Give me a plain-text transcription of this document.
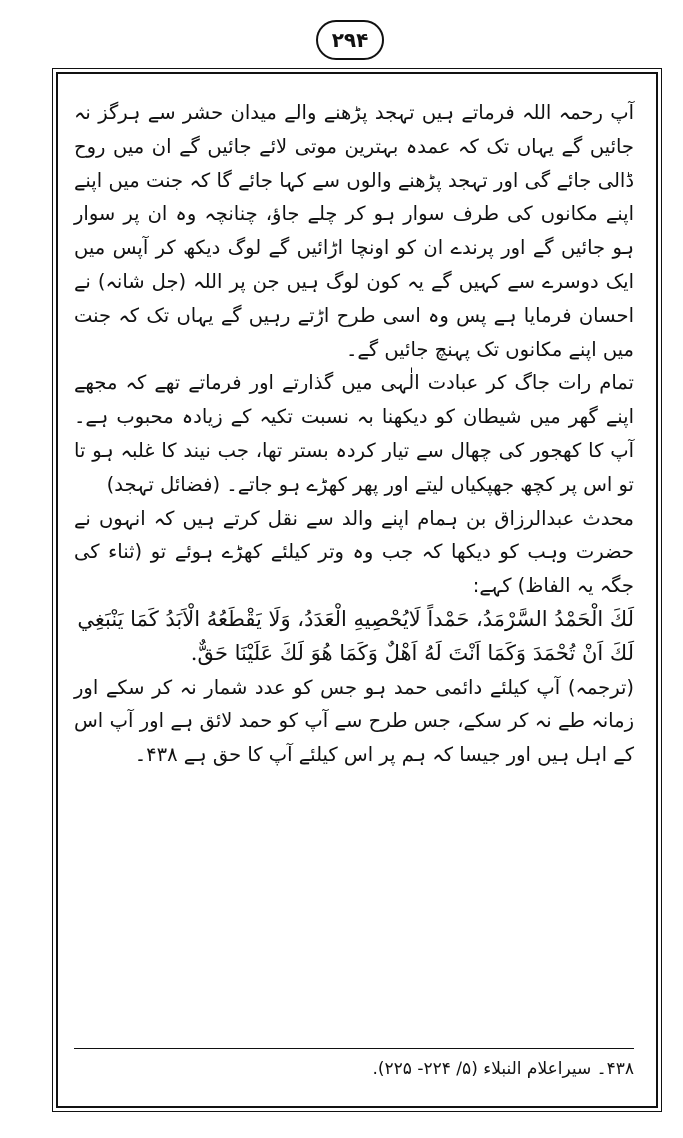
۲۹۴

آپ رحمہ اللہ فرماتے ہیں تہجد پڑھنے والے میدان حشر سے ہرگز نہ جائیں گے یہاں تک کہ عمدہ بہترین موتی لائے جائیں گے ان میں روح ڈالی جائے گی اور تہجد پڑھنے والوں سے کہا جائے گا کہ جنت میں اپنے اپنے مکانوں کی طرف سوار ہو کر چلے جاؤ، چنانچہ وہ ان پر سوار ہو جائیں گے اور پرندے ان کو اونچا اڑائیں گے لوگ دیکھ کر آپس میں ایک دوسرے سے کہیں گے یہ کون لوگ ہیں جن پر اللہ (جل شانہ) نے احسان فرمایا ہے پس وہ اسی طرح اڑتے رہیں گے یہاں تک کہ جنت میں اپنے مکانوں تک پہنچ جائیں گے۔

تمام رات جاگ کر عبادت الٰہی میں گذارتے اور فرماتے تھے کہ مجھے اپنے گھر میں شیطان کو دیکھنا بہ نسبت تکیہ کے زیادہ محبوب ہے۔ آپ کا کھجور کی چھال سے تیار کردہ بستر تھا، جب نیند کا غلبہ ہو تا تو اس پر کچھ جھپکیاں لیتے اور پھر کھڑے ہو جاتے۔ (فضائل تہجد)

محدث عبدالرزاق بن ہمام اپنے والد سے نقل کرتے ہیں کہ انہوں نے حضرت وہب کو دیکھا کہ جب وہ وتر کیلئے کھڑے ہوئے تو (ثناء کی جگہ یہ الفاظ) کہے:

لَكَ الْحَمْدُ السَّرْمَدُ، حَمْداً لَايُحْصِيهِ الْعَدَدُ، وَلَا يَقْطَعُهُ الْاَبَدُ كَمَا يَنْبَغِي

لَكَ اَنْ تُحْمَدَ وَكَمَا اَنْتَ لَهُ اَهْلٌ وَكَمَا هُوَ لَكَ عَلَيْنَا حَقٌّ.

(ترجمہ) آپ کیلئے دائمی حمد ہو جس کو عدد شمار نہ کر سکے اور زمانہ طے نہ کر سکے، جس طرح سے آپ کو حمد لائق ہے اور آپ اس کے اہل ہیں اور جیسا کہ ہم پر اس کیلئے آپ کا حق ہے ۴۳۸۔

۴۳۸۔ سیراعلام النبلاء (۵/ ۲۲۴- ۲۲۵).
